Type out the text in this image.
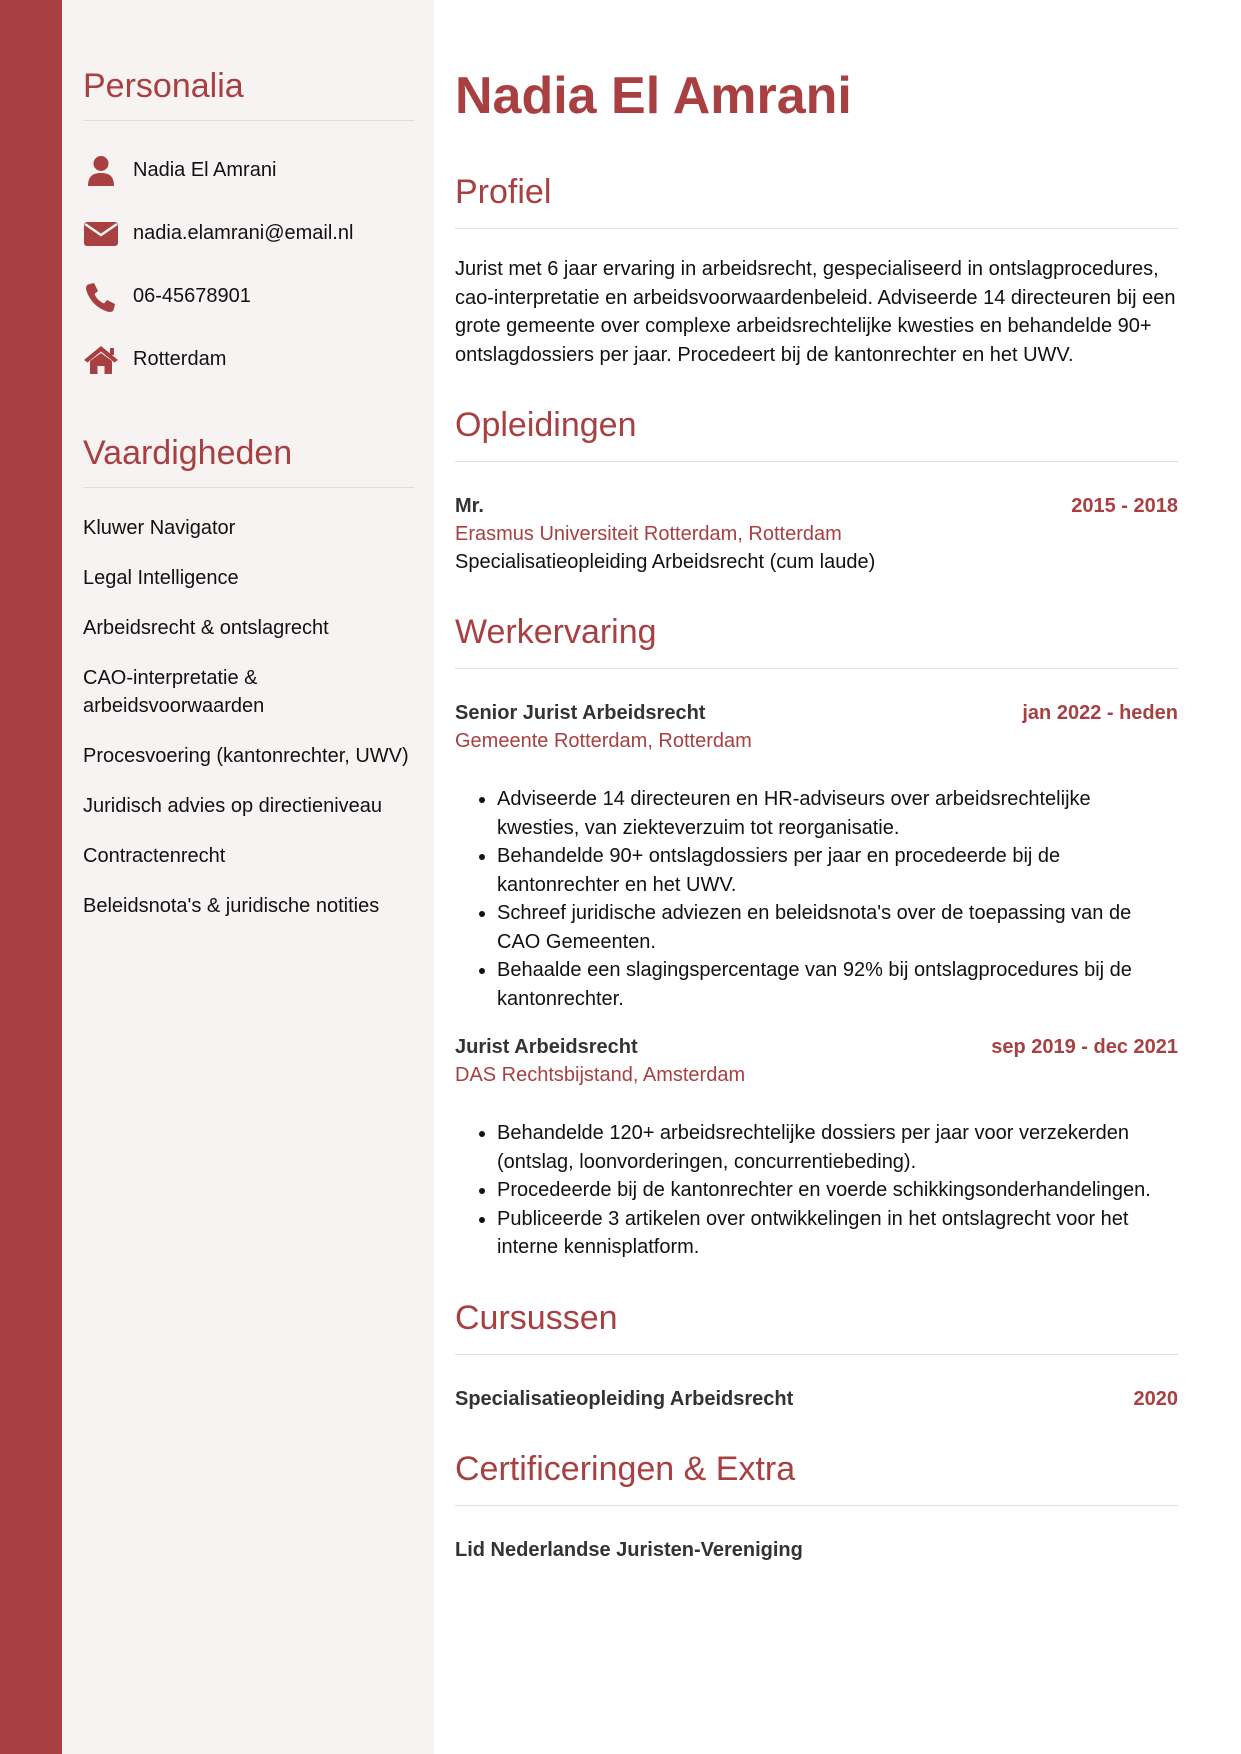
Personalia
Nadia El Amrani
nadia.elamrani@email.nl
06-45678901
Rotterdam
Vaardigheden
Kluwer Navigator
Legal Intelligence
Arbeidsrecht & ontslagrecht
CAO-interpretatie & arbeidsvoorwaarden
Procesvoering (kantonrechter, UWV)
Juridisch advies op directieniveau
Contractenrecht
Beleidsnota's & juridische notities
Nadia El Amrani
Profiel

Jurist met 6 jaar ervaring in arbeidsrecht, gespecialiseerd in ontslagprocedures, cao-interpretatie en arbeidsvoorwaardenbeleid. Adviseerde 14 directeuren bij een grote gemeente over complexe arbeidsrechtelijke kwesties en behandelde 90+ ontslagdossiers per jaar. Procedeert bij de kantonrechter en het UWV.

Opleidingen
Mr.	2015 - 2018
Erasmus Universiteit Rotterdam, Rotterdam
Specialisatieopleiding Arbeidsrecht (cum laude)
Werkervaring
Senior Jurist Arbeidsrecht	jan 2022 - heden
Gemeente Rotterdam, Rotterdam
• Adviseerde 14 directeuren en HR-adviseurs over arbeidsrechtelijke kwesties, van ziekteverzuim tot reorganisatie.
• Behandelde 90+ ontslagdossiers per jaar en procedeerde bij de kantonrechter en het UWV.
• Schreef juridische adviezen en beleidsnota's over de toepassing van de CAO Gemeenten.
• Behaalde een slagingspercentage van 92% bij ontslagprocedures bij de kantonrechter.
Jurist Arbeidsrecht	sep 2019 - dec 2021
DAS Rechtsbijstand, Amsterdam
• Behandelde 120+ arbeidsrechtelijke dossiers per jaar voor verzekerden (ontslag, loonvorderingen, concurrentiebeding).
• Procedeerde bij de kantonrechter en voerde schikkingsonderhandelingen.
• Publiceerde 3 artikelen over ontwikkelingen in het ontslagrecht voor het interne kennisplatform.
Cursussen
Specialisatieopleiding Arbeidsrecht	2020
Certificeringen & Extra
Lid Nederlandse Juristen-Vereniging
